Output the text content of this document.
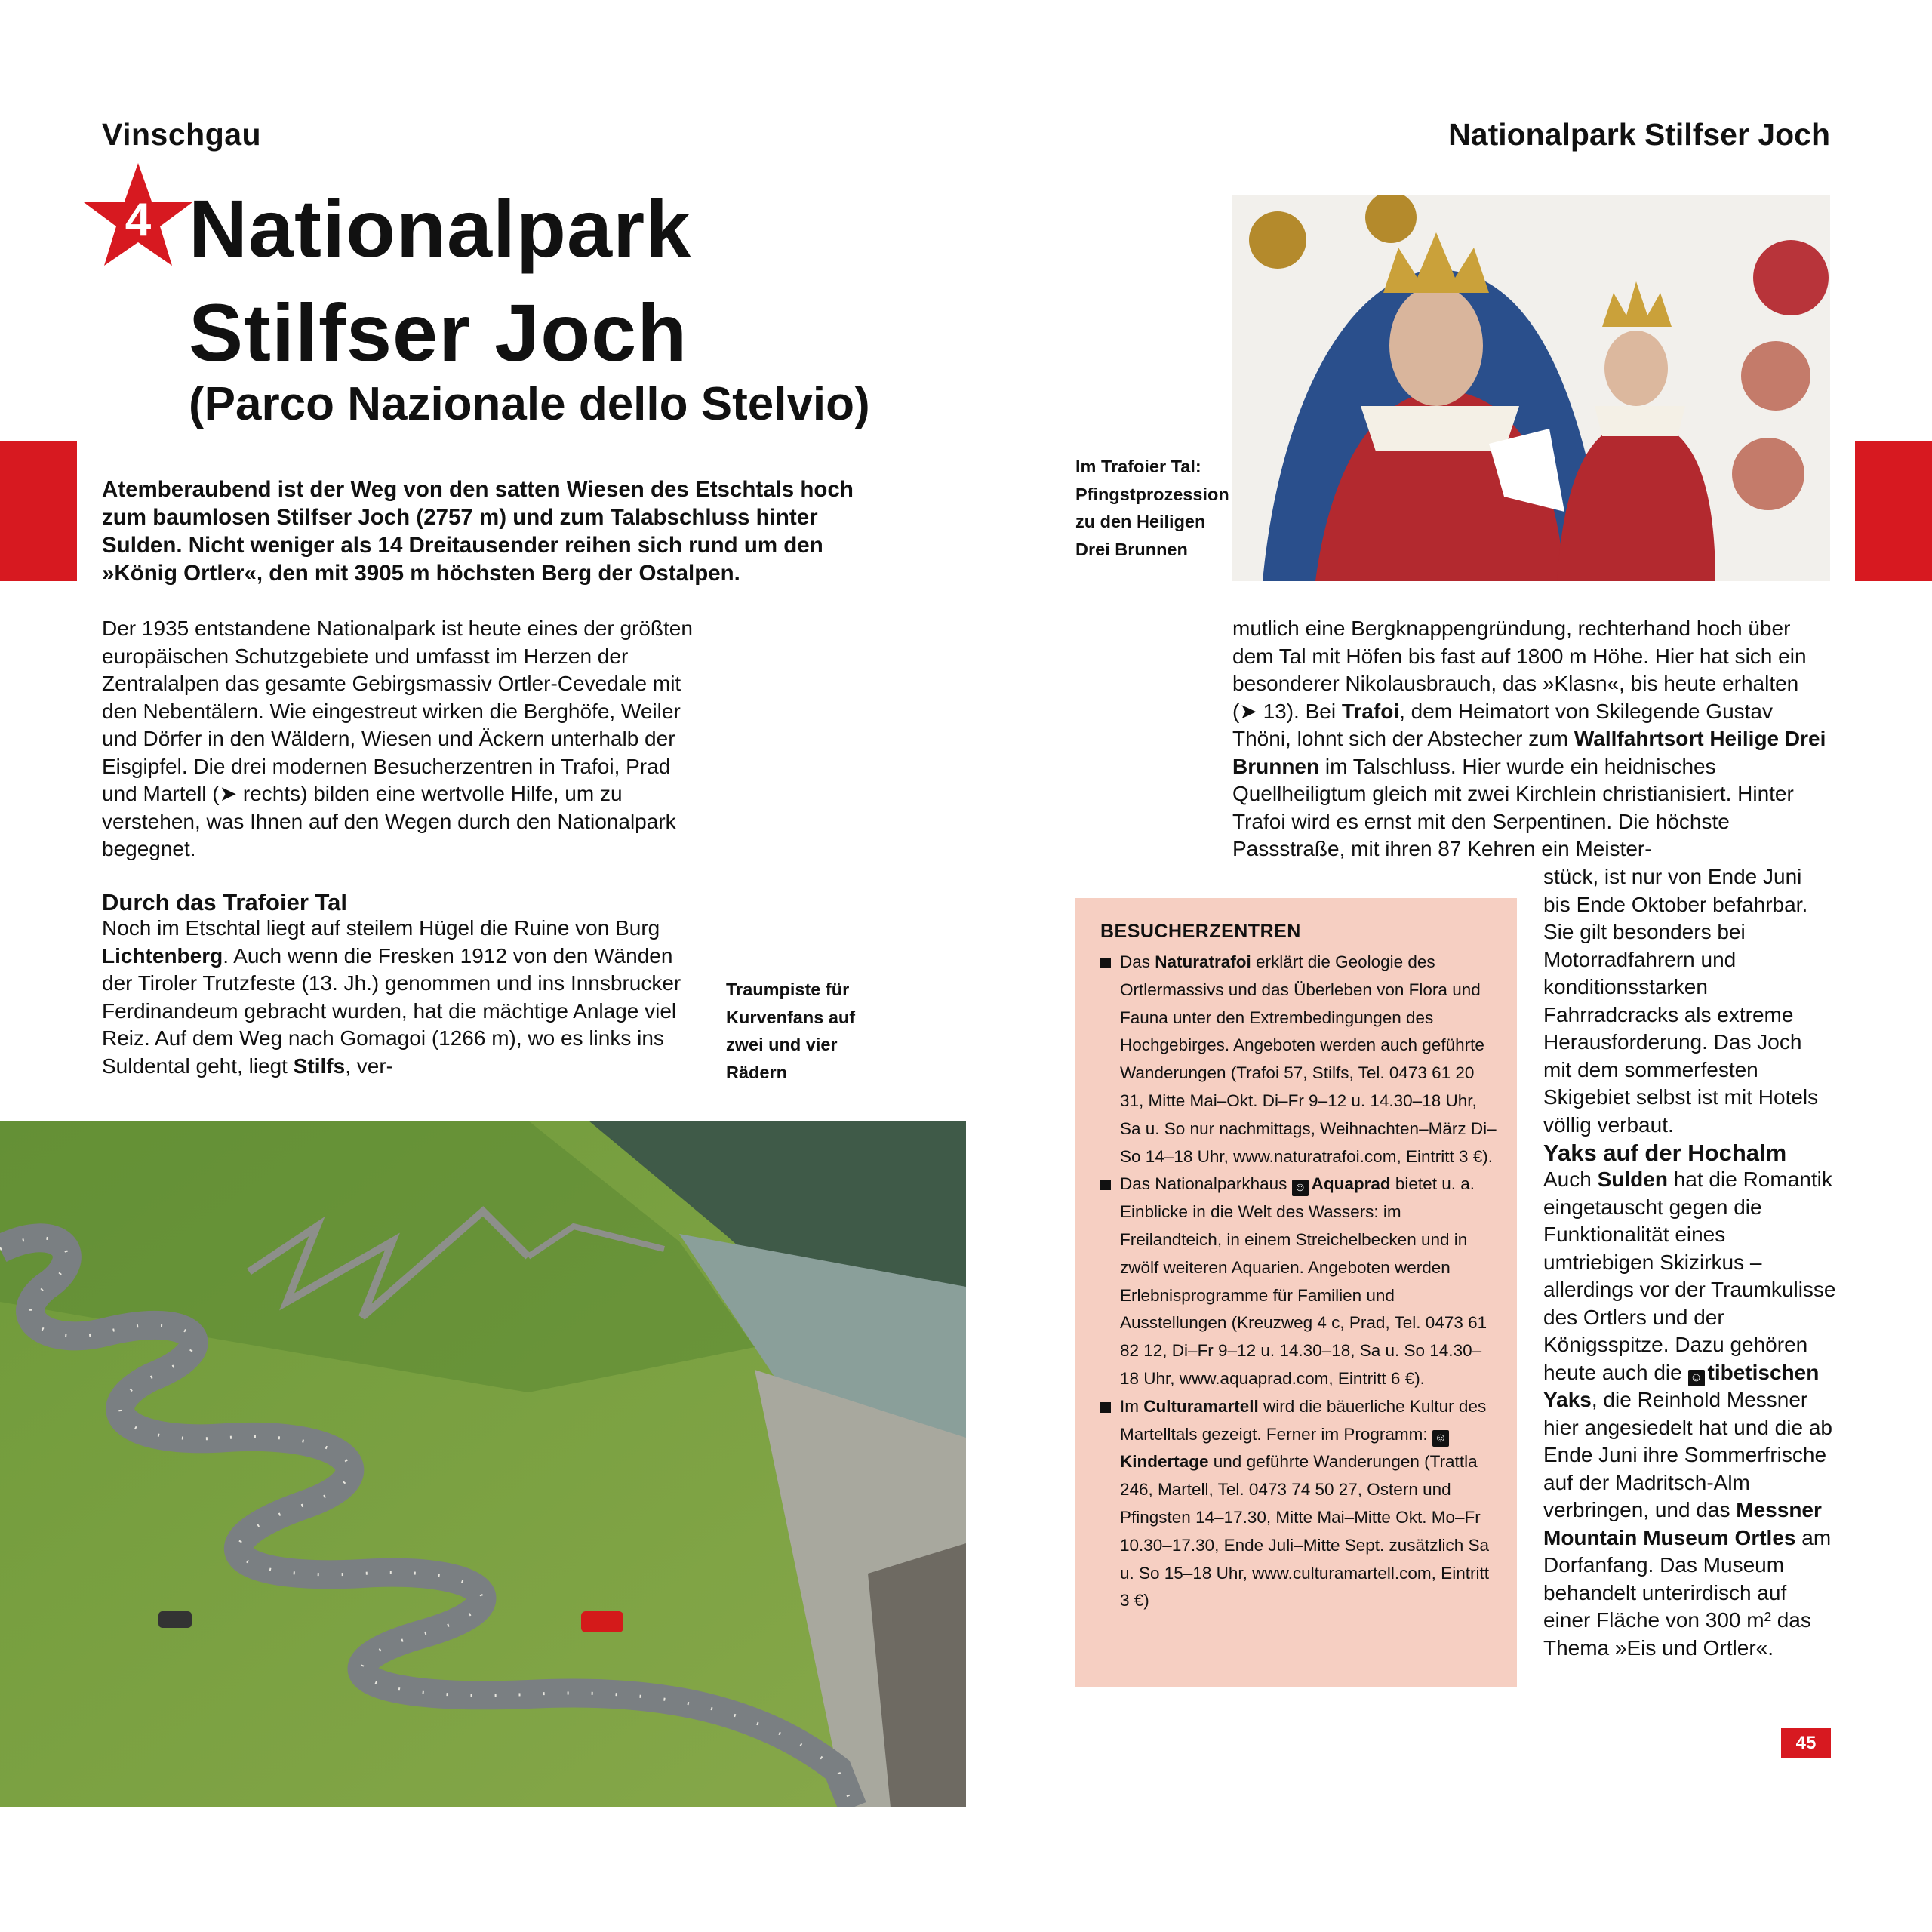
Vinschgau	Nationalpark Stilfser Joch
4 Nationalpark
Stilfser Joch
(Parco Nazionale dello Stelvio)
Atemberaubend ist der Weg von den satten Wiesen des Etschtals hoch zum baumlosen Stilfser Joch (2757 m) und zum Talabschluss hinter Sulden. Nicht weniger als 14 Dreitausender reihen sich rund um den »König Ortler«, den mit 3905 m höchsten Berg der Ostalpen.
Der 1935 entstandene Nationalpark ist heute eines der größten europäischen Schutzgebiete und umfasst im Herzen der Zentralalpen das gesamte Gebirgsmassiv Ortler-Cevedale mit den Nebentälern. Wie eingestreut wirken die Berghöfe, Weiler und Dörfer in den Wäldern, Wiesen und Äckern unterhalb der Eisgipfel. Die drei modernen Besucherzentren in Trafoi, Prad und Martell (➤ rechts) bilden eine wertvolle Hilfe, um zu verstehen, was Ihnen auf den Wegen durch den Nationalpark begegnet.
Durch das Trafoier Tal
Noch im Etschtal liegt auf steilem Hügel die Ruine von Burg Lichtenberg. Auch wenn die Fresken 1912 von den Wänden der Tiroler Trutzfeste (13. Jh.) genommen und ins Innsbrucker Ferdinandeum gebracht wurden, hat die mächtige Anlage viel Reiz. Auf dem Weg nach Gomagoi (1266 m), wo es links ins Suldental geht, liegt Stilfs, ver-
Traumpiste für Kurvenfans auf zwei und vier Rädern
Im Trafoier Tal: Pfingstprozession zu den Heiligen Drei Brunnen
mutlich eine Bergknappengründung, rechterhand hoch über dem Tal mit Höfen bis fast auf 1800 m Höhe. Hier hat sich ein besonderer Nikolausbrauch, das »Klasn«, bis heute erhalten (➤ 13). Bei Trafoi, dem Heimatort von Skilegende Gustav Thöni, lohnt sich der Abstecher zum Wallfahrtsort Heilige Drei Brunnen im Talschluss. Hier wurde ein heidnisches Quellheiligtum gleich mit zwei Kirchlein christianisiert. Hinter Trafoi wird es ernst mit den Serpentinen. Die höchste Passstraße, mit ihren 87 Kehren ein Meister-
stück, ist nur von Ende Juni bis Ende Oktober befahrbar. Sie gilt besonders bei Motorradfahrern und konditionsstarken Fahrradcracks als extreme Herausforderung. Das Joch mit dem sommerfesten Skigebiet selbst ist mit Hotels völlig verbaut.
BESUCHERZENTREN
Das Naturatrafoi erklärt die Geologie des Ortlermassivs und das Überleben von Flora und Fauna unter den Extrembedingungen des Hochgebirges. Angeboten werden auch geführte Wanderungen (Trafoi 57, Stilfs, Tel. 0473 61 20 31, Mitte Mai–Okt. Di–Fr 9–12 u. 14.30–18 Uhr, Sa u. So nur nachmittags, Weihnachten–März Di–So 14–18 Uhr, www.naturatrafoi.com, Eintritt 3 €).
Das Nationalparkhaus ☺ Aquaprad bietet u. a. Einblicke in die Welt des Wassers: im Freilandteich, in einem Streichelbecken und in zwölf weiteren Aquarien. Angeboten werden Erlebnisprogramme für Familien und Ausstellungen (Kreuzweg 4 c, Prad, Tel. 0473 61 82 12, Di–Fr 9–12 u. 14.30–18, Sa u. So 14.30–18 Uhr, www.aquaprad.com, Eintritt 6 €).
Im Culturamartell wird die bäuerliche Kultur des Martelltals gezeigt. Ferner im Programm: ☺Kindertage und geführte Wanderungen (Trattla 246, Martell, Tel. 0473 74 50 27, Ostern und Pfingsten 14–17.30, Mitte Mai–Mitte Okt. Mo–Fr 10.30–17.30, Ende Juli–Mitte Sept. zusätzlich Sa u. So 15–18 Uhr, www.culturamartell.com, Eintritt 3 €)
Yaks auf der Hochalm
Auch Sulden hat die Romantik eingetauscht gegen die Funktionalität eines umtriebigen Skizirkus – allerdings vor der Traumkulisse des Ortlers und der Königsspitze. Dazu gehören heute auch die ☺ tibetischen Yaks, die Reinhold Messner hier angesiedelt hat und die ab Ende Juni ihre Sommerfrische auf der Madritsch-Alm verbringen, und das Messner Mountain Museum Ortles am Dorfanfang. Das Museum behandelt unterirdisch auf einer Fläche von 300 m² das Thema »Eis und Ortler«.
45
